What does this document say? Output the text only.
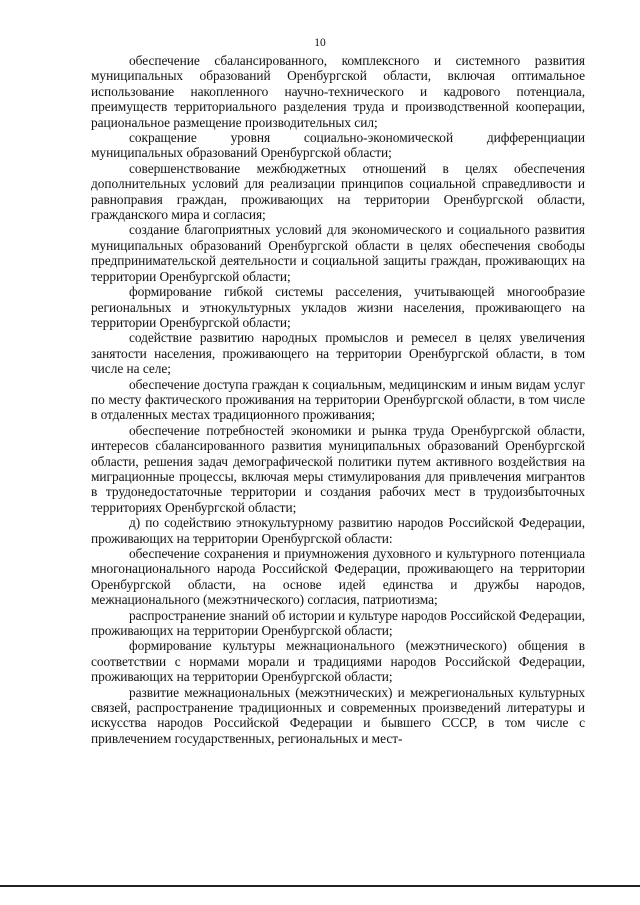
10

обеспечение сбалансированного, комплексного и системного развития муниципальных образований Оренбургской области, включая оптимальное использование накопленного научно-технического и кадрового потенциала, преимуществ территориального разделения труда и производственной кооперации, рациональное размещение производительных сил;

сокращение уровня социально-экономической дифференциации муниципальных образований Оренбургской области;

совершенствование межбюджетных отношений в целях обеспечения дополнительных условий для реализации принципов социальной справедливости и равноправия граждан, проживающих на территории Оренбургской области, гражданского мира и согласия;

создание благоприятных условий для экономического и социального развития муниципальных образований Оренбургской области в целях обеспечения свободы предпринимательской деятельности и социальной защиты граждан, проживающих на территории Оренбургской области;

формирование гибкой системы расселения, учитывающей многообразие региональных и этнокультурных укладов жизни населения, проживающего на территории Оренбургской области;

содействие развитию народных промыслов и ремесел в целях увеличения занятости населения, проживающего на территории Оренбургской области, в том числе на селе;

обеспечение доступа граждан к социальным, медицинским и иным видам услуг по месту фактического проживания на территории Оренбургской области, в том числе в отдаленных местах традиционного проживания;

обеспечение потребностей экономики и рынка труда Оренбургской области, интересов сбалансированного развития муниципальных образований Оренбургской области, решения задач демографической политики путем активного воздействия на миграционные процессы, включая меры стимулирования для привлечения мигрантов в трудонедостаточные территории и создания рабочих мест в трудоизбыточных территориях Оренбургской области;

д) по содействию этнокультурному развитию народов Российской Федерации, проживающих на территории Оренбургской области:

обеспечение сохранения и приумножения духовного и культурного потенциала многонационального народа Российской Федерации, проживающего на территории Оренбургской области, на основе идей единства и дружбы народов, межнационального (межэтнического) согласия, патриотизма;

распространение знаний об истории и культуре народов Российской Федерации, проживающих на территории Оренбургской области;

формирование культуры межнационального (межэтнического) общения в соответствии с нормами морали и традициями народов Российской Федерации, проживающих на территории Оренбургской области;

развитие межнациональных (межэтнических) и межрегиональных культурных связей, распространение традиционных и современных произведений литературы и искусства народов Российской Федерации и бывшего СССР, в том числе с привлечением государственных, региональных и мест-
